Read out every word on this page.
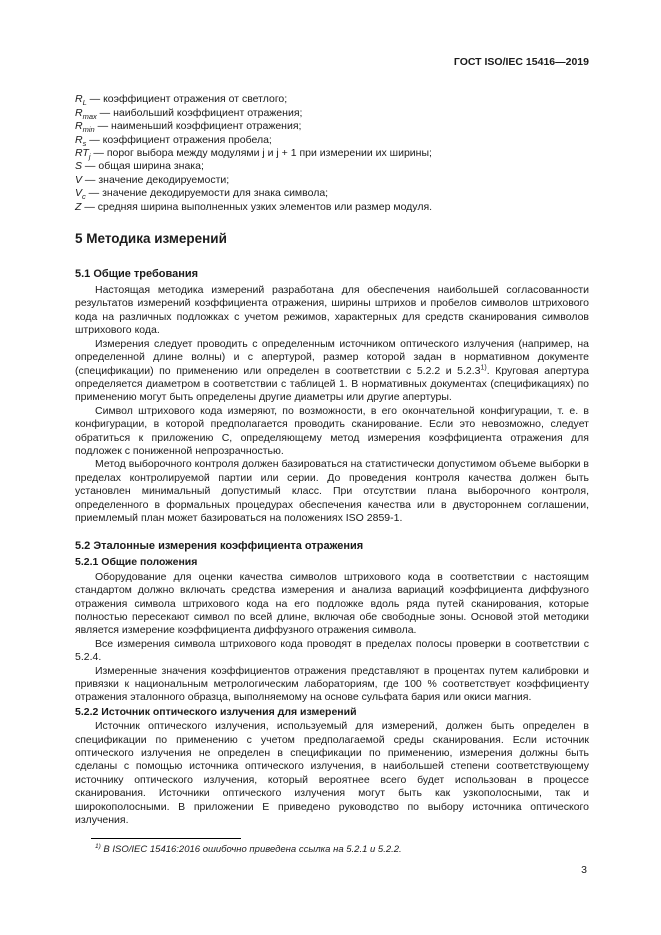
ГОСТ ISO/IEC 15416—2019

$R_L$ — коэффициент отражения от светлого;

$R_{max}$ — наибольший коэффициент отражения;

$R_{min}$ — наименьший коэффициент отражения;

$R_s$ — коэффициент отражения пробела;

$RT_j$ — порог выбора между модулями j и j + 1 при измерении их ширины;

S — общая ширина знака;

V — значение декодируемости;

$V_c$ — значение декодируемости для знака символа;

Z — средняя ширина выполненных узких элементов или размер модуля.

5 Методика измерений
5.1 Общие требования

Настоящая методика измерений разработана для обеспечения наибольшей согласованности результатов измерений коэффициента отражения, ширины штрихов и пробелов символов штрихового кода на различных подложках с учетом режимов, характерных для средств сканирования символов штрихового кода.

Измерения следует проводить с определенным источником оптического излучения (например, на определенной длине волны) и с апертурой, размер которой задан в нормативном документе (спецификации) по применению или определен в соответствии с 5.2.2 и 5.2.3$^{1)}$. Круговая апертура определяется диаметром в соответствии с таблицей 1. В нормативных документах (спецификациях) по применению могут быть определены другие диаметры или другие апертуры.

Символ штрихового кода измеряют, по возможности, в его окончательной конфигурации, т. е. в конфигурации, в которой предполагается проводить сканирование. Если это невозможно, следует обратиться к приложению С, определяющему метод измерения коэффициента отражения для подложек с пониженной непрозрачностью.

Метод выборочного контроля должен базироваться на статистически допустимом объеме выборки в пределах контролируемой партии или серии. До проведения контроля качества должен быть установлен минимальный допустимый класс. При отсутствии плана выборочного контроля, определенного в формальных процедурах обеспечения качества или в двустороннем соглашении, приемлемый план может базироваться на положениях ISO 2859-1.

5.2 Эталонные измерения коэффициента отражения
5.2.1 Общие положения

Оборудование для оценки качества символов штрихового кода в соответствии с настоящим стандартом должно включать средства измерения и анализа вариаций коэффициента диффузного отражения символа штрихового кода на его подложке вдоль ряда путей сканирования, которые полностью пересекают символ по всей длине, включая обе свободные зоны. Основой этой методики является измерение коэффициента диффузного отражения символа.

Все измерения символа штрихового кода проводят в пределах полосы проверки в соответствии с 5.2.4.

Измеренные значения коэффициентов отражения представляют в процентах путем калибровки и привязки к национальным метрологическим лабораториям, где 100 % соответствует коэффициенту отражения эталонного образца, выполняемому на основе сульфата бария или окиси магния.

5.2.2 Источник оптического излучения для измерений

Источник оптического излучения, используемый для измерений, должен быть определен в спецификации по применению с учетом предполагаемой среды сканирования. Если источник оптического излучения не определен в спецификации по применению, измерения должны быть сделаны с помощью источника оптического излучения, в наибольшей степени соответствующему источнику оптического излучения, который вероятнее всего будет использован в процессе сканирования. Источники оптического излучения могут быть как узкополосными, так и широкополосными. В приложении Е приведено руководство по выбору источника оптического излучения.

$^{1)}$ В ISO/IEC 15416:2016 ошибочно приведена ссылка на 5.2.1 и 5.2.2.

3
